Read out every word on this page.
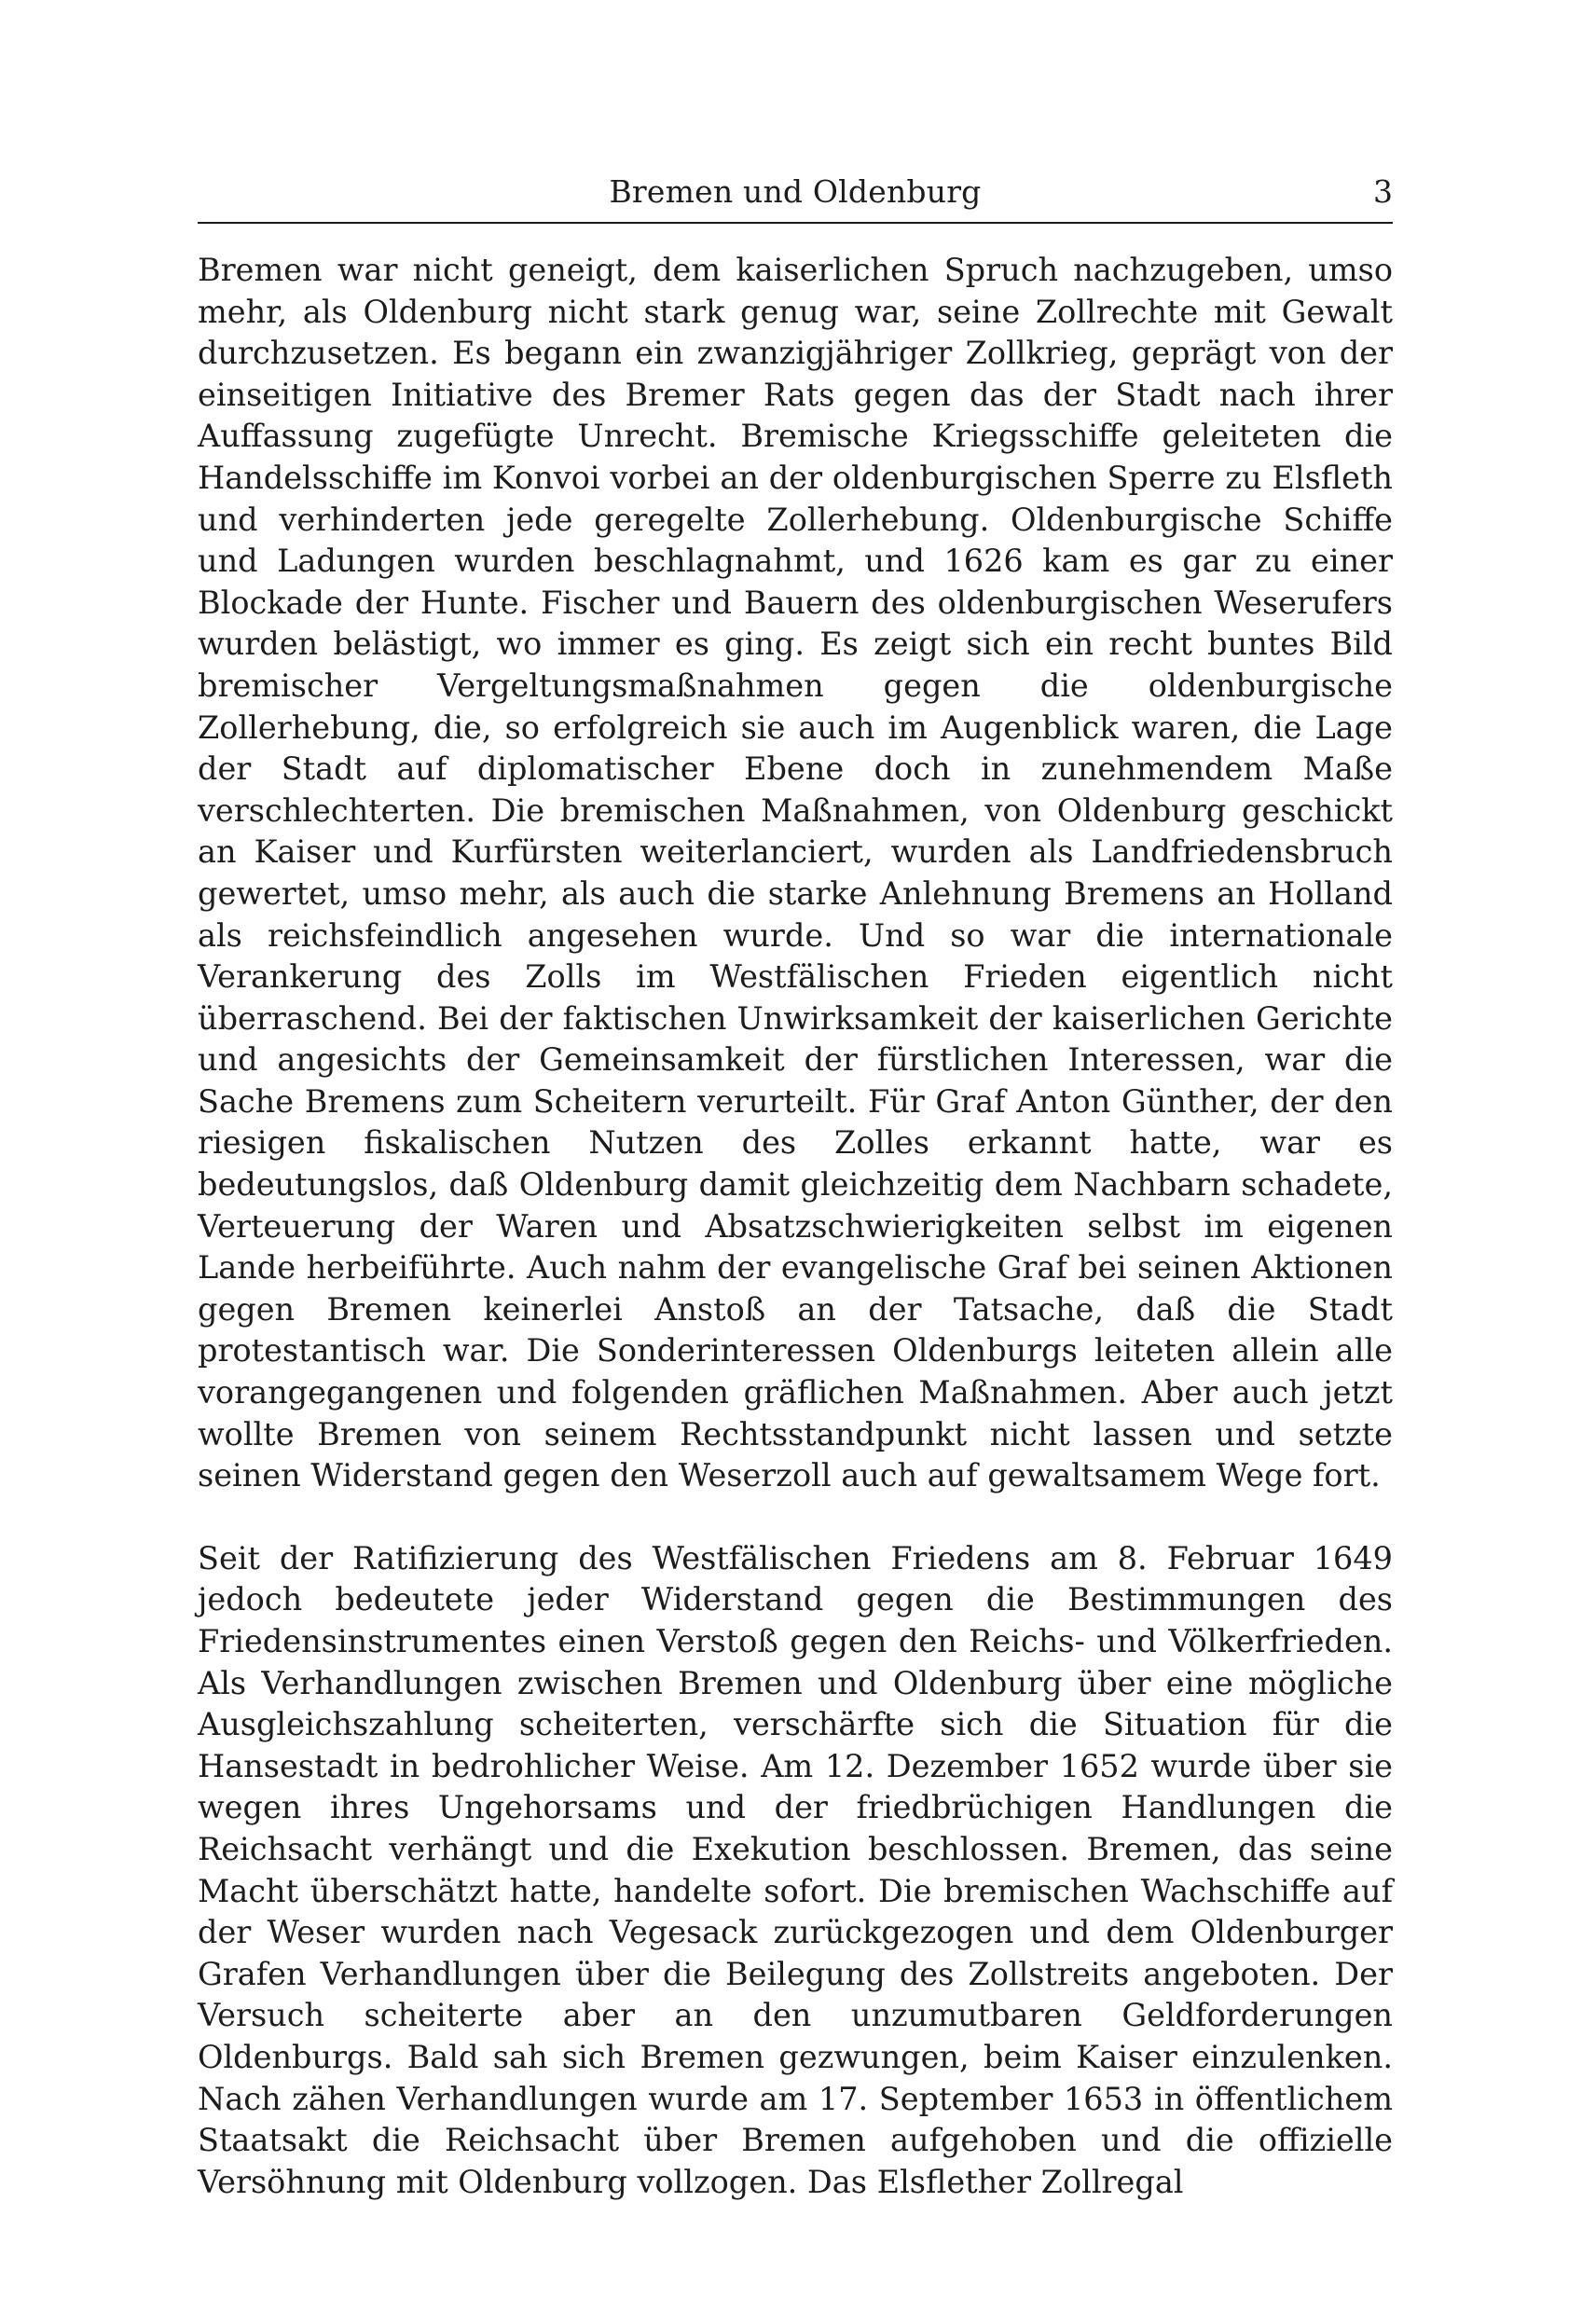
Bremen und Oldenburg	3

Bremen war nicht geneigt, dem kaiserlichen Spruch nachzugeben, umso mehr, als Oldenburg nicht stark genug war, seine Zollrechte mit Gewalt durchzusetzen. Es begann ein zwanzigjähriger Zollkrieg, geprägt von der einseitigen Initiative des Bremer Rats gegen das der Stadt nach ihrer Auffassung zugefügte Unrecht. Bremische Kriegsschiffe geleiteten die Handelsschiffe im Konvoi vorbei an der oldenburgischen Sperre zu Elsfleth und verhinderten jede geregelte Zollerhebung. Oldenburgische Schiffe und Ladungen wurden beschlagnahmt, und 1626 kam es gar zu einer Blockade der Hunte. Fischer und Bauern des oldenburgischen Weserufers wurden belästigt, wo immer es ging. Es zeigt sich ein recht buntes Bild bremischer Vergeltungsmaßnahmen gegen die oldenburgische Zollerhebung, die, so erfolgreich sie auch im Augenblick waren, die Lage der Stadt auf diplomatischer Ebene doch in zunehmendem Maße verschlechterten. Die bremischen Maßnahmen, von Oldenburg geschickt an Kaiser und Kurfürsten weiterlanciert, wurden als Landfriedensbruch gewertet, umso mehr, als auch die starke Anlehnung Bremens an Holland als reichsfeindlich angesehen wurde. Und so war die internationale Verankerung des Zolls im Westfälischen Frieden eigentlich nicht überraschend. Bei der faktischen Unwirksamkeit der kaiserlichen Gerichte und angesichts der Gemeinsamkeit der fürstlichen Interessen, war die Sache Bremens zum Scheitern verurteilt. Für Graf Anton Günther, der den riesigen fiskalischen Nutzen des Zolles erkannt hatte, war es bedeutungslos, daß Oldenburg damit gleichzeitig dem Nachbarn schadete, Verteuerung der Waren und Absatzschwierigkeiten selbst im eigenen Lande herbeiführte. Auch nahm der evangelische Graf bei seinen Aktionen gegen Bremen keinerlei Anstoß an der Tatsache, daß die Stadt protestantisch war. Die Sonderinteressen Oldenburgs leiteten allein alle vorangegangenen und folgenden gräflichen Maßnahmen. Aber auch jetzt wollte Bremen von seinem Rechtsstandpunkt nicht lassen und setzte seinen Widerstand gegen den Weserzoll auch auf gewaltsamem Wege fort.

Seit der Ratifizierung des Westfälischen Friedens am 8. Februar 1649 jedoch bedeutete jeder Widerstand gegen die Bestimmungen des Friedensinstrumentes einen Verstoß gegen den Reichs- und Völkerfrieden. Als Verhandlungen zwischen Bremen und Oldenburg über eine mögliche Ausgleichszahlung scheiterten, verschärfte sich die Situation für die Hansestadt in bedrohlicher Weise. Am 12. Dezember 1652 wurde über sie wegen ihres Ungehorsams und der friedbrüchigen Handlungen die Reichsacht verhängt und die Exekution beschlossen. Bremen, das seine Macht überschätzt hatte, handelte sofort. Die bremischen Wachschiffe auf der Weser wurden nach Vegesack zurückgezogen und dem Oldenburger Grafen Verhandlungen über die Beilegung des Zollstreits angeboten. Der Versuch scheiterte aber an den unzumutbaren Geldforderungen Oldenburgs. Bald sah sich Bremen gezwungen, beim Kaiser einzulenken. Nach zähen Verhandlungen wurde am 17. September 1653 in öffentlichem Staatsakt die Reichsacht über Bremen aufgehoben und die offizielle Versöhnung mit Oldenburg vollzogen. Das Elsflether Zollregal
